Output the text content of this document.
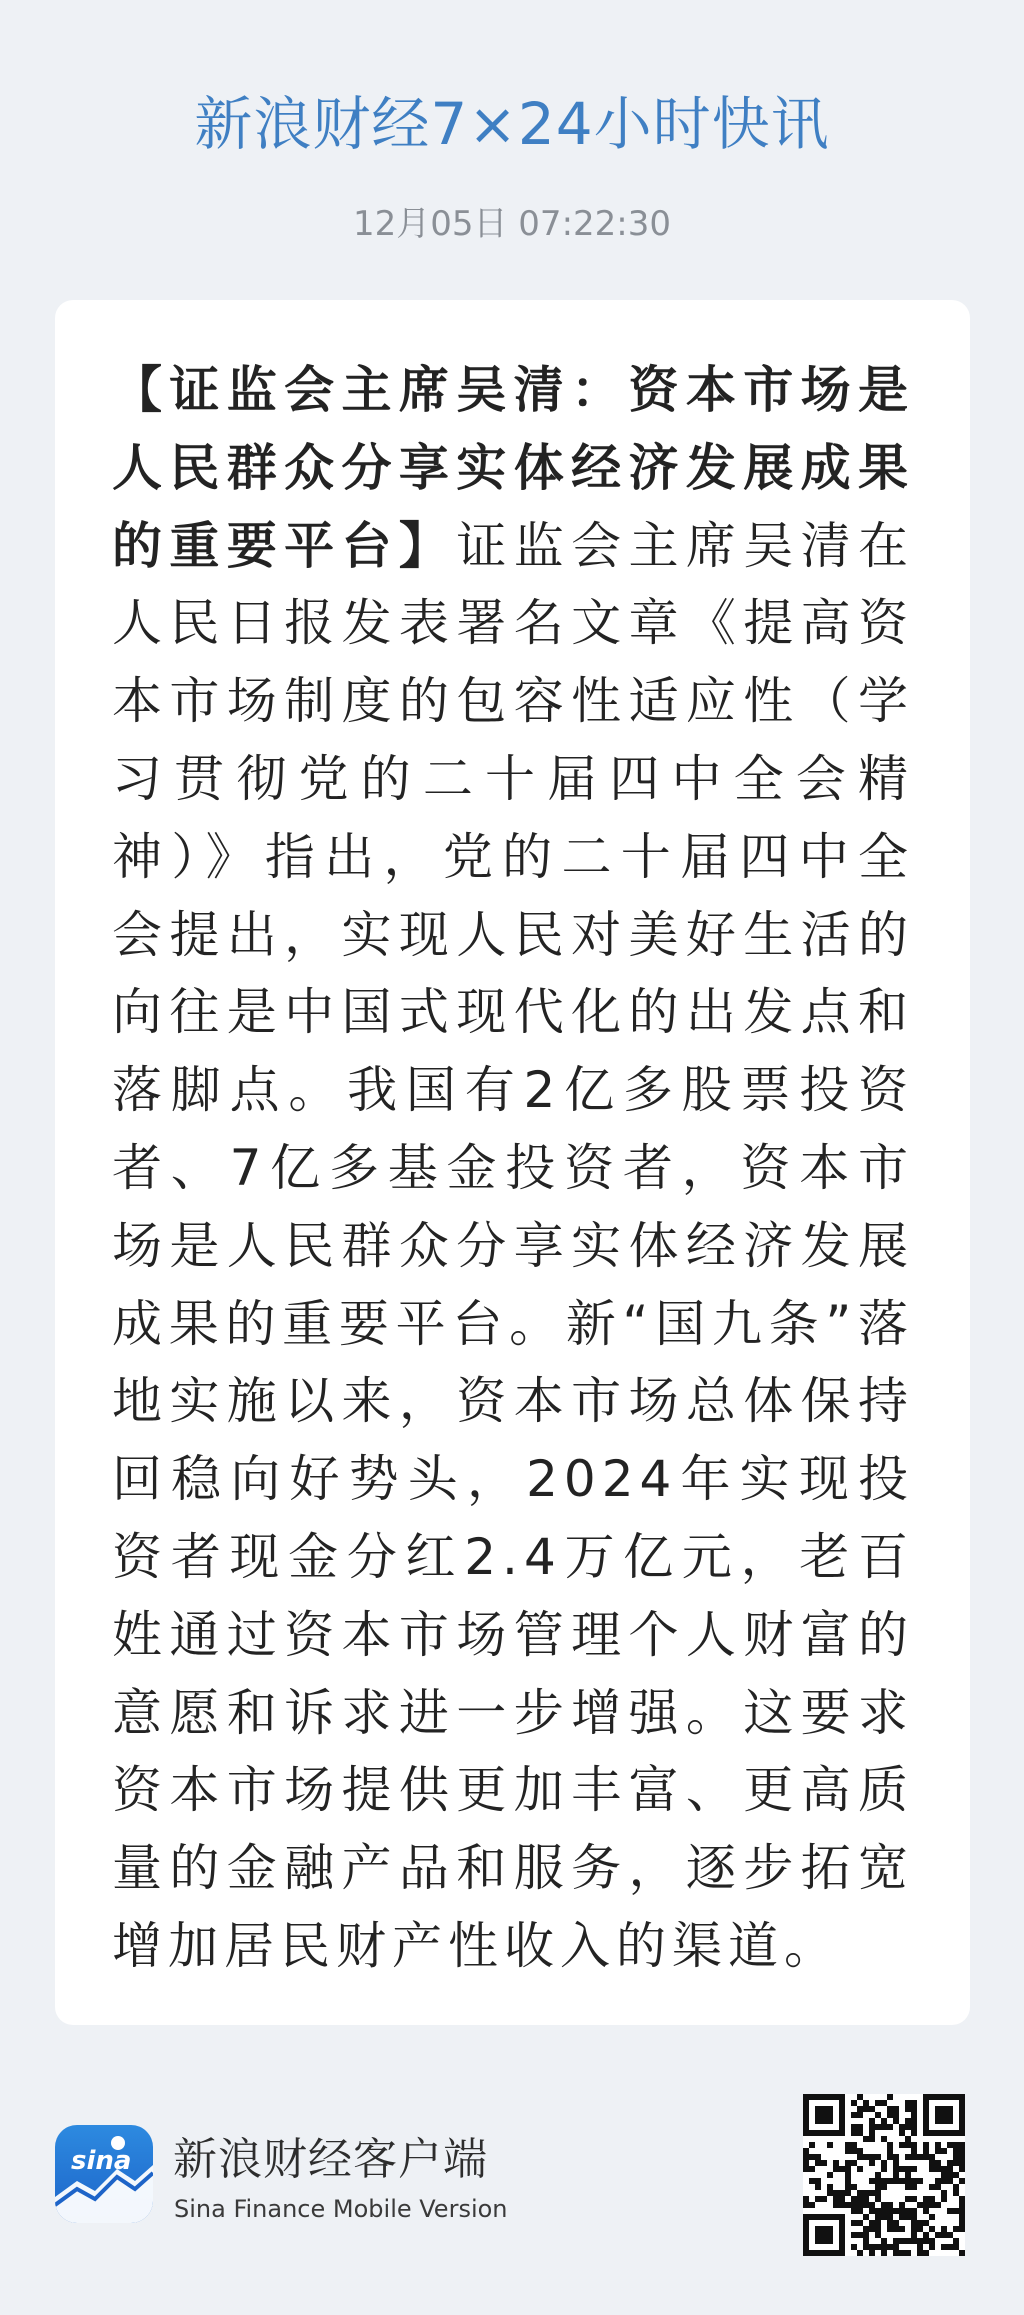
新浪财经7×24小时快讯
12月05日 07:22:30

【证监会主席吴清：资本市场是人民群众分享实体经济发展成果的重要平台】证监会主席吴清在人民日报发表署名文章《提高资本市场制度的包容性适应性（学习贯彻党的二十届四中全会精神）》指出，党的二十届四中全会提出，实现人民对美好生活的向往是中国式现代化的出发点和落脚点。我国有2亿多股票投资者、7亿多基金投资者，资本市场是人民群众分享实体经济发展成果的重要平台。新“国九条”落地实施以来，资本市场总体保持回稳向好势头，2024年实现投资者现金分红2.4万亿元，老百姓通过资本市场管理个人财富的意愿和诉求进一步增强。这要求资本市场提供更加丰富、更高质量的金融产品和服务，逐步拓宽增加居民财产性收入的渠道。

sina 新浪财经客户端
Sina Finance Mobile Version
